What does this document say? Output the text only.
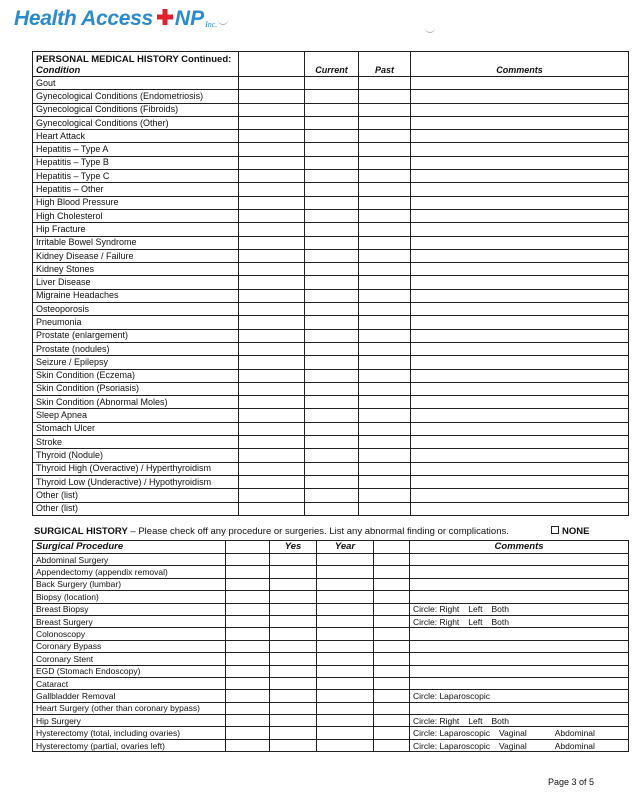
Health Access NP Inc.
PERSONAL MEDICAL HISTORY Continued:
Condition		Current	Past	Comments
Gout				
Gynecological Conditions (Endometriosis)				
Gynecological Conditions (Fibroids)				
Gynecological Conditions (Other)				
Heart Attack				
Hepatitis – Type A				
Hepatitis – Type B				
Hepatitis – Type C				
Hepatitis – Other				
High Blood Pressure				
High Cholesterol				
Hip Fracture				
Irritable Bowel Syndrome				
Kidney Disease / Failure				
Kidney Stones				
Liver Disease				
Migraine Headaches				
Osteoporosis				
Pneumonia				
Prostate (enlargement)				
Prostate (nodules)				
Seizure / Epilepsy				
Skin Condition (Eczema)				
Skin Condition (Psoriasis)				
Skin Condition (Abnormal Moles)				
Sleep Apnea				
Stomach Ulcer				
Stroke				
Thyroid (Nodule)				
Thyroid High (Overactive) / Hyperthyroidism				
Thyroid Low (Underactive) / Hypothyroidism				
Other (list)				
Other (list)				
SURGICAL HISTORY – Please check off any procedure or surgeries. List any abnormal finding or complications.	NONE
Surgical Procedure		Yes	Year		Comments
Abdominal Surgery					
Appendectomy (appendix removal)					
Back Surgery (lumbar)					
Biopsy (location)					
Breast Biopsy					Circle: Right Left Both
Breast Surgery					Circle: Right Left Both
Colonoscopy					
Coronary Bypass					
Coronary Stent					
EGD (Stomach Endoscopy)					
Cataract					
Gallbladder Removal					Circle: Laparoscopic
Heart Surgery (other than coronary bypass)					
Hip Surgery					Circle: Right Left Both
Hysterectomy (total, including ovaries)					Circle: Laparoscopic Vaginal Abdominal
Hysterectomy (partial, ovaries left)					Circle: Laparoscopic Vaginal Abdominal
Page 3 of 5
